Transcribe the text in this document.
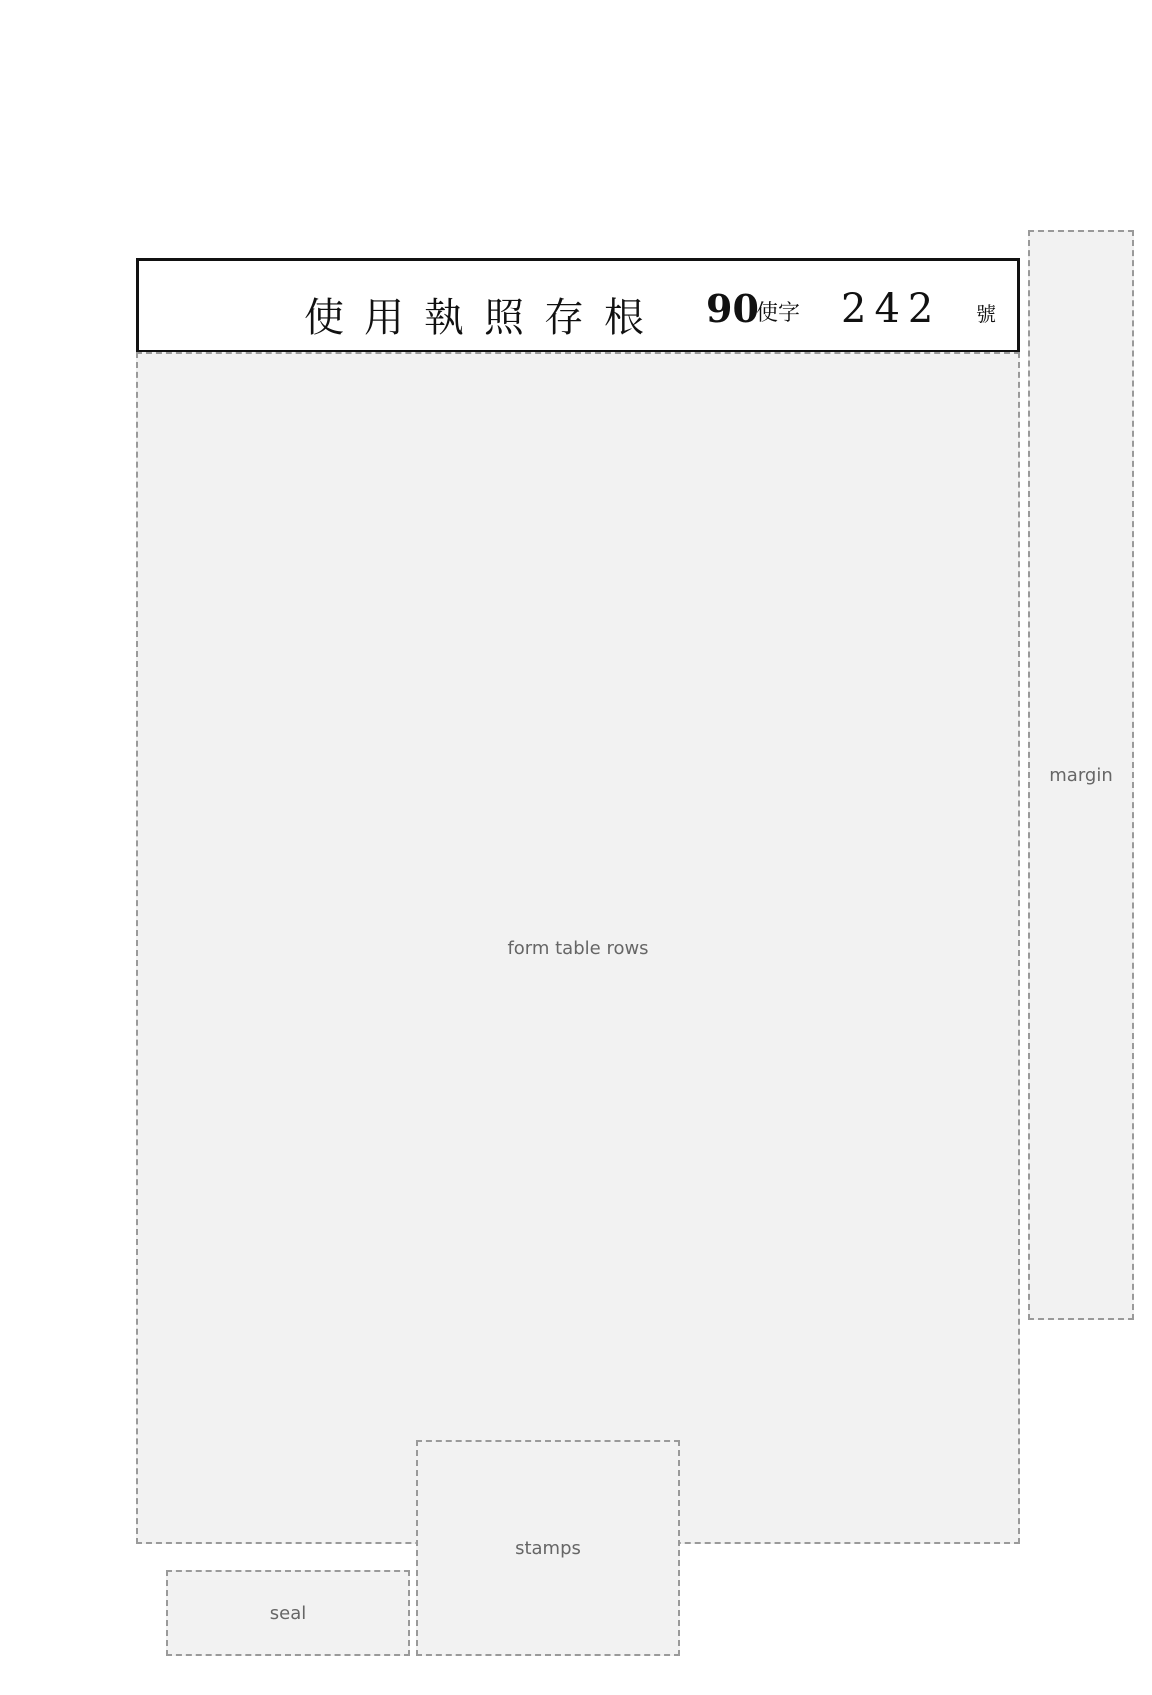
使用執照存根 90
使字 242 號
form table rows
margin
stamps
seal
